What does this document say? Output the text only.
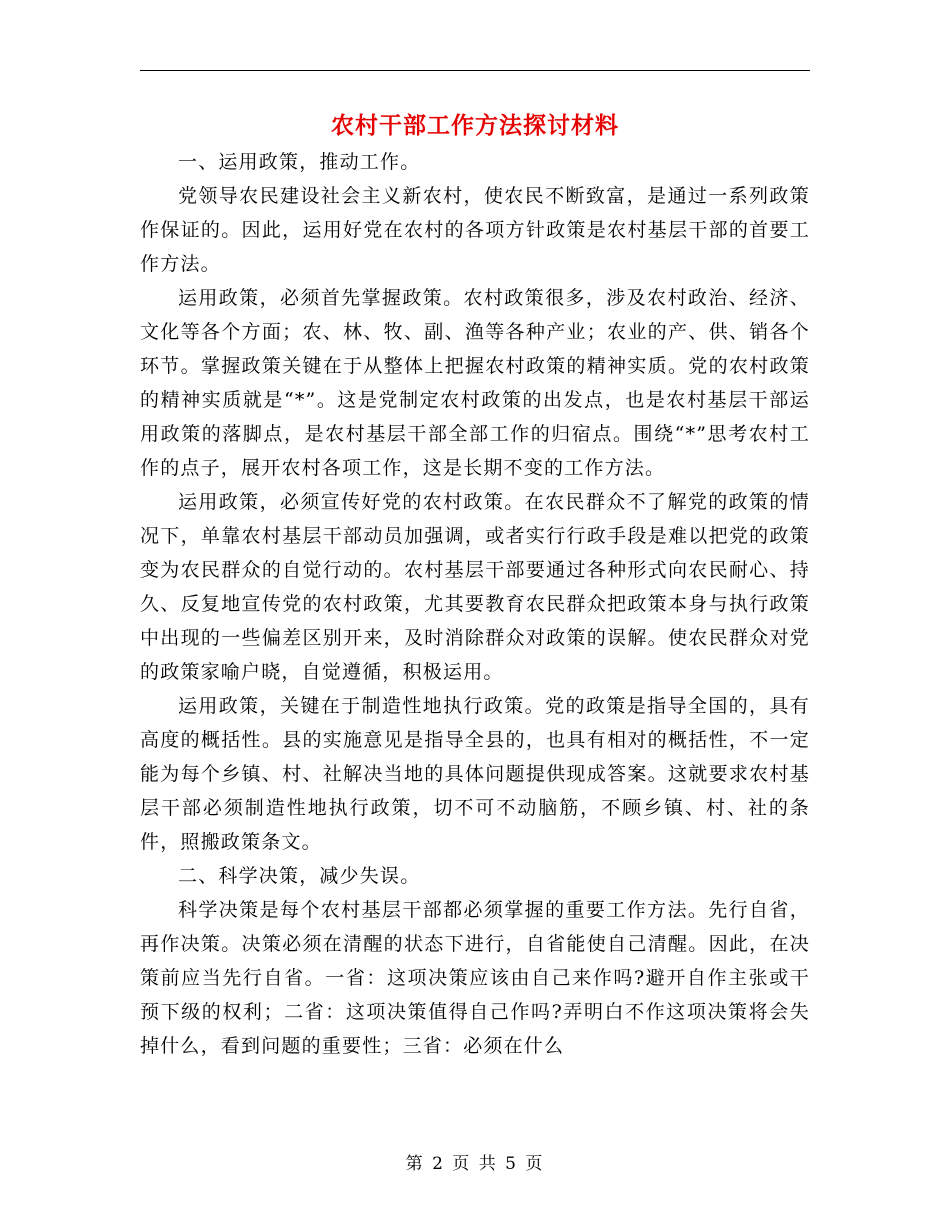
农村干部工作方法探讨材料

一、运用政策，推动工作。

党领导农民建设社会主义新农村，使农民不断致富，是通过一系列政策作保证的。因此，运用好党在农村的各项方针政策是农村基层干部的首要工作方法。

运用政策，必须首先掌握政策。农村政策很多，涉及农村政治、经济、文化等各个方面；农、林、牧、副、渔等各种产业；农业的产、供、销各个环节。掌握政策关键在于从整体上把握农村政策的精神实质。党的农村政策的精神实质就是“*”。这是党制定农村政策的出发点，也是农村基层干部运用政策的落脚点，是农村基层干部全部工作的归宿点。围绕“*”思考农村工作的点子，展开农村各项工作，这是长期不变的工作方法。

运用政策，必须宣传好党的农村政策。在农民群众不了解党的政策的情况下，单靠农村基层干部动员加强调，或者实行行政手段是难以把党的政策变为农民群众的自觉行动的。农村基层干部要通过各种形式向农民耐心、持久、反复地宣传党的农村政策，尤其要教育农民群众把政策本身与执行政策中出现的一些偏差区别开来，及时消除群众对政策的误解。使农民群众对党的政策家喻户晓，自觉遵循，积极运用。

运用政策，关键在于制造性地执行政策。党的政策是指导全国的，具有高度的概括性。县的实施意见是指导全县的，也具有相对的概括性，不一定能为每个乡镇、村、社解决当地的具体问题提供现成答案。这就要求农村基层干部必须制造性地执行政策，切不可不动脑筋，不顾乡镇、村、社的条件，照搬政策条文。

二、科学决策，减少失误。

科学决策是每个农村基层干部都必须掌握的重要工作方法。先行自省，再作决策。决策必须在清醒的状态下进行，自省能使自己清醒。因此，在决策前应当先行自省。一省：这项决策应该由自己来作吗?避开自作主张或干预下级的权利；二省：这项决策值得自己作吗?弄明白不作这项决策将会失掉什么，看到问题的重要性；三省：必须在什么

第 2 页 共 5 页
